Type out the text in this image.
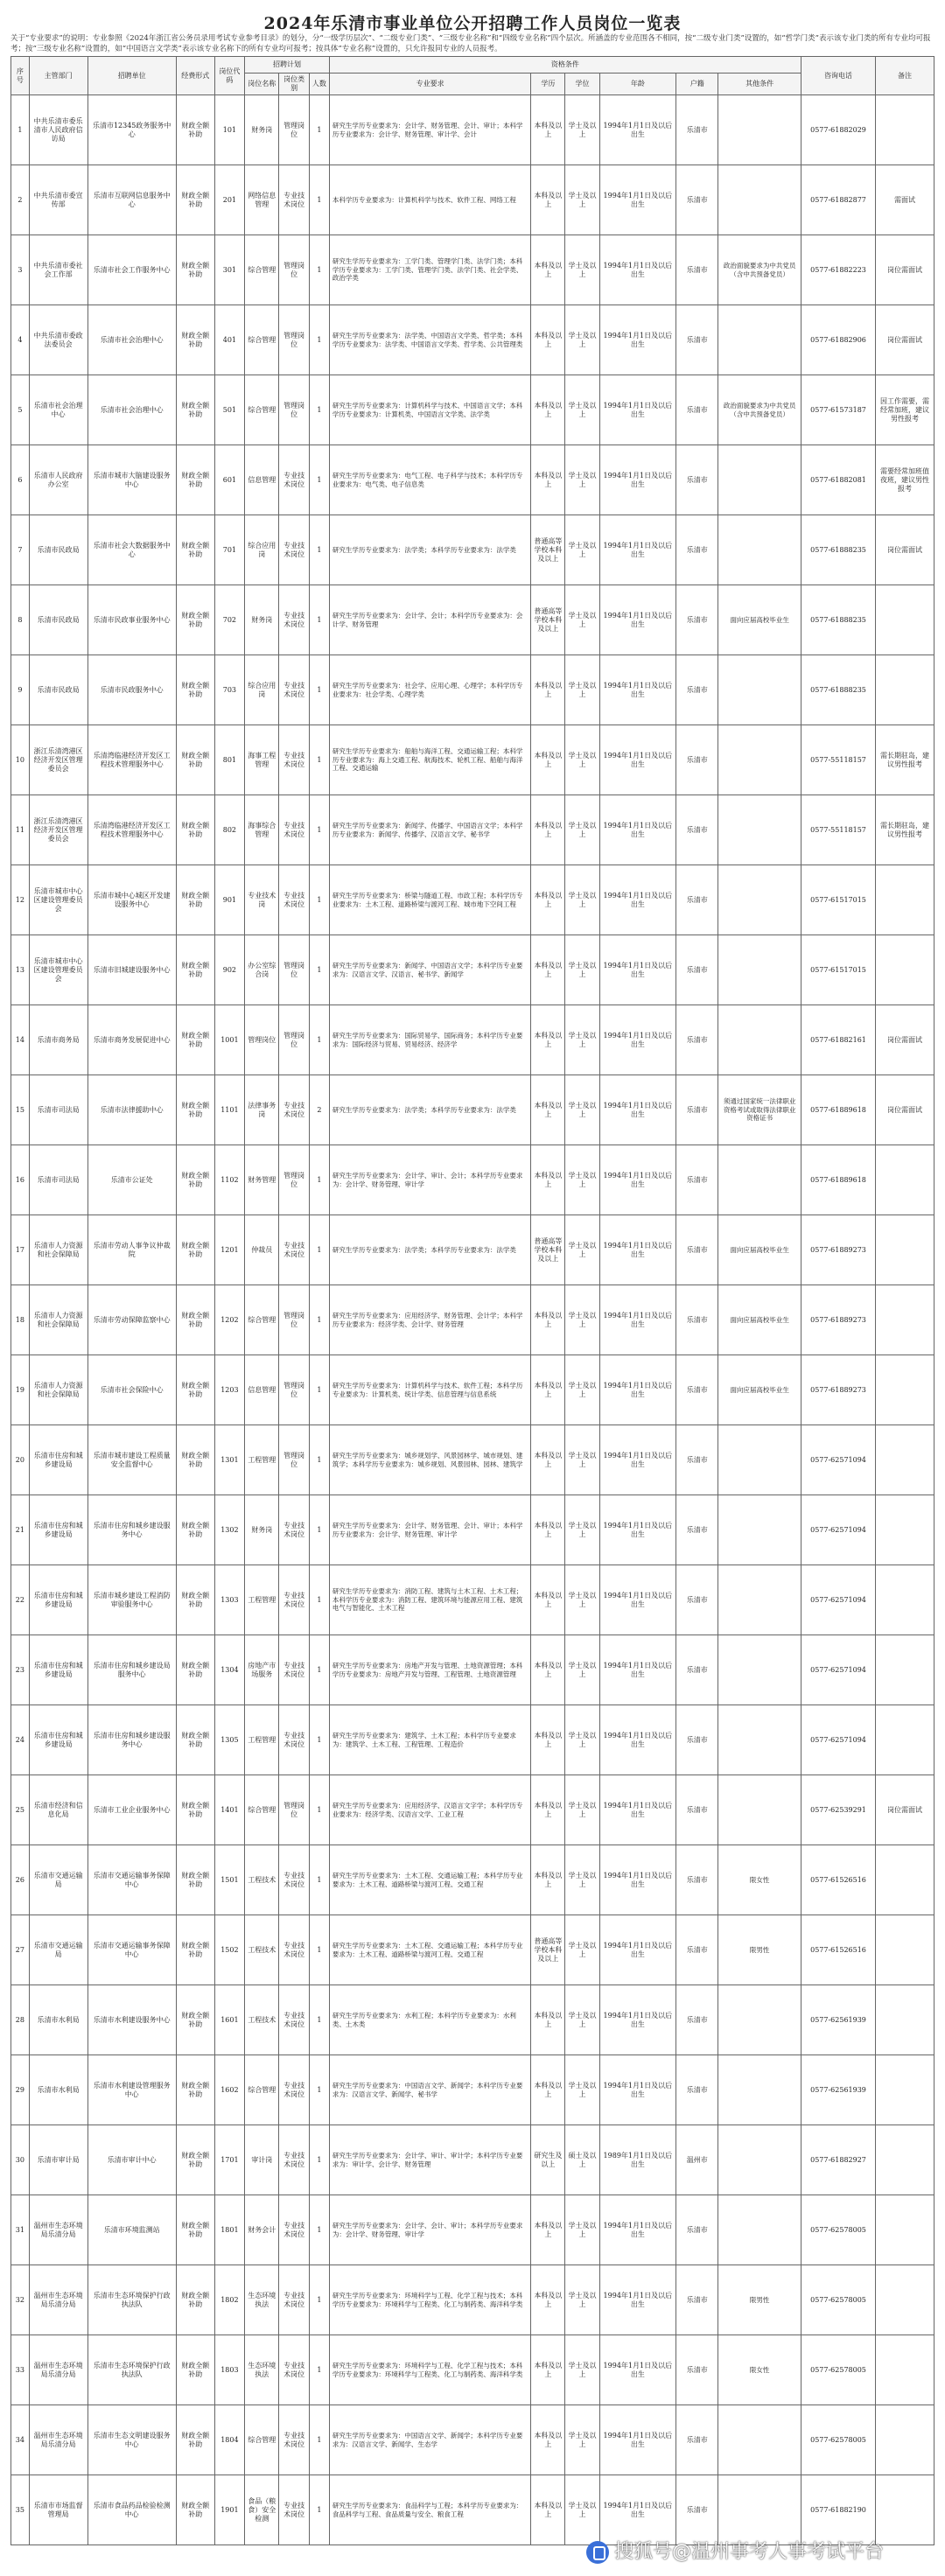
2024年乐清市事业单位公开招聘工作人员岗位一览表
关于“专业要求”的说明：专业参照《2024年浙江省公务员录用考试专业参考目录》的划分，分“一级学历层次”、“二级专业门类”、“三级专业名称”和“四级专业名称”四个层次。所涵盖的专业范围各不相同，按“二级专业门类”设置的，如“哲学门类”表示该专业门类的所有专业均可报考；按“三级专业名称”设置的，如“中国语言文学类”表示该专业名称下的所有专业均可报考；按具体“专业名称”设置的，只允许报同专业的人员报考。
序号	主管部门	招聘单位	经费形式	岗位代码	招聘计划			资格条件						咨询电话	备注
					岗位名称	岗位类别	人数	专业要求	学历	学位	年龄	户籍	其他条件		
1	中共乐清市委乐清市人民政府信访局	乐清市12345政务服务中心	财政全额补助	101	财务岗	管理岗位	1	研究生学历专业要求为：会计学、财务管理、会计、审计；本科学历专业要求为：会计学、财务管理、审计学、会计	本科及以上	学士及以上	1994年1月1日及以后出生	乐清市		0577-61882029	
2	中共乐清市委宣传部	乐清市互联网信息服务中心	财政全额补助	201	网络信息管理	专业技术岗位	1	本科学历专业要求为：计算机科学与技术、软件工程、网络工程	本科及以上	学士及以上	1994年1月1日及以后出生	乐清市		0577-61882877	需面试
3	中共乐清市委社会工作部	乐清市社会工作服务中心	财政全额补助	301	综合管理	管理岗位	1	研究生学历专业要求为：工学门类、管理学门类、法学门类；本科学历专业要求为：工学门类、管理学门类、法学门类、社会学类、政治学类	本科及以上	学士及以上	1994年1月1日及以后出生	乐清市	政治面貌要求为中共党员（含中共预备党员）	0577-61882223	岗位需面试
4	中共乐清市委政法委员会	乐清市社会治理中心	财政全额补助	401	综合管理	管理岗位	1	研究生学历专业要求为：法学类、中国语言文学类、哲学类；本科学历专业要求为：法学类、中国语言文学类、哲学类、公共管理类	本科及以上	学士及以上	1994年1月1日及以后出生	乐清市		0577-61882906	岗位需面试
5	乐清市社会治理中心	乐清市社会治理中心	财政全额补助	501	综合管理	管理岗位	1	研究生学历专业要求为：计算机科学与技术、中国语言文学；本科学历专业要求为：计算机类、中国语言文学类、法学类	本科及以上	学士及以上	1994年1月1日及以后出生	乐清市	政治面貌要求为中共党员（含中共预备党员）	0577-61573187	因工作需要，需经常加班，建议男性报考
6	乐清市人民政府办公室	乐清市城市大脑建设服务中心	财政全额补助	601	信息管理	专业技术岗位	1	研究生学历专业要求为：电气工程、电子科学与技术；本科学历专业要求为：电气类、电子信息类	本科及以上	学士及以上	1994年1月1日及以后出生	乐清市		0577-61882081	需要经常加班值夜班，建议男性报考
7	乐清市民政局	乐清市社会大数据服务中心	财政全额补助	701	综合应用岗	专业技术岗位	1	研究生学历专业要求为：法学类；本科学历专业要求为：法学类	普通高等学校本科及以上	学士及以上	1994年1月1日及以后出生	乐清市		0577-61888235	岗位需面试
8	乐清市民政局	乐清市民政事业服务中心	财政全额补助	702	财务岗	专业技术岗位	1	研究生学历专业要求为：会计学、会计；本科学历专业要求为：会计学、财务管理	普通高等学校本科及以上	学士及以上	1994年1月1日及以后出生	乐清市	面向应届高校毕业生	0577-61888235	
9	乐清市民政局	乐清市民政服务中心	财政全额补助	703	综合应用岗	专业技术岗位	1	研究生学历专业要求为：社会学、应用心理、心理学；本科学历专业要求为：社会学类、心理学类	本科及以上	学士及以上	1994年1月1日及以后出生	乐清市		0577-61888235	
10	浙江乐清湾港区经济开发区管理委员会	乐清湾临港经济开发区工程技术管理服务中心	财政全额补助	801	海事工程管理	专业技术岗位	1	研究生学历专业要求为：船舶与海洋工程、交通运输工程；本科学历专业要求为：海上交通工程、航海技术、轮机工程、船舶与海洋工程、交通运输	本科及以上	学士及以上	1994年1月1日及以后出生	乐清市		0577-55118157	需长期驻岛，建议男性报考
11	浙江乐清湾港区经济开发区管理委员会	乐清湾临港经济开发区工程技术管理服务中心	财政全额补助	802	海事综合管理	专业技术岗位	1	研究生学历专业要求为：新闻学、传播学、中国语言文学；本科学历专业要求为：新闻学、传播学、汉语言文学、秘书学	本科及以上	学士及以上	1994年1月1日及以后出生	乐清市		0577-55118157	需长期驻岛，建议男性报考
12	乐清市城市中心区建设管理委员会	乐清市城中心城区开发建设服务中心	财政全额补助	901	专业技术岗	专业技术岗位	1	研究生学历专业要求为：桥梁与隧道工程、市政工程；本科学历专业要求为：土木工程、道路桥梁与渡河工程、城市地下空间工程	本科及以上	学士及以上	1994年1月1日及以后出生	乐清市		0577-61517015	
13	乐清市城市中心区建设管理委员会	乐清市旧城建设服务中心	财政全额补助	902	办公室综合岗	管理岗位	1	研究生学历专业要求为：新闻学、中国语言文学；本科学历专业要求为：汉语言文学、汉语言、秘书学、新闻学	本科及以上	学士及以上	1994年1月1日及以后出生	乐清市		0577-61517015	
14	乐清市商务局	乐清市商务发展促进中心	财政全额补助	1001	管理岗位	管理岗位	1	研究生学历专业要求为：国际贸易学、国际商务；本科学历专业要求为：国际经济与贸易、贸易经济、经济学	本科及以上	学士及以上	1994年1月1日及以后出生	乐清市		0577-61882161	岗位需面试
15	乐清市司法局	乐清市法律援助中心	财政全额补助	1101	法律事务岗	专业技术岗位	2	研究生学历专业要求为：法学类；本科学历专业要求为：法学类	本科及以上	学士及以上	1994年1月1日及以后出生	乐清市	须通过国家统一法律职业资格考试或取得法律职业资格证书	0577-61889618	岗位需面试
16	乐清市司法局	乐清市公证处	财政全额补助	1102	财务管理	管理岗位	1	研究生学历专业要求为：会计学、审计、会计；本科学历专业要求为：会计学、财务管理、审计学	本科及以上	学士及以上	1994年1月1日及以后出生	乐清市		0577-61889618	
17	乐清市人力资源和社会保障局	乐清市劳动人事争议仲裁院	财政全额补助	1201	仲裁员	专业技术岗位	1	研究生学历专业要求为：法学类；本科学历专业要求为：法学类	普通高等学校本科及以上	学士及以上	1994年1月1日及以后出生	乐清市	面向应届高校毕业生	0577-61889273	
18	乐清市人力资源和社会保障局	乐清市劳动保障监察中心	财政全额补助	1202	综合管理	管理岗位	1	研究生学历专业要求为：应用经济学、财务管理、会计学；本科学历专业要求为：经济学类、会计学、财务管理	本科及以上	学士及以上	1994年1月1日及以后出生	乐清市	面向应届高校毕业生	0577-61889273	
19	乐清市人力资源和社会保障局	乐清市社会保险中心	财政全额补助	1203	信息管理	管理岗位	1	研究生学历专业要求为：计算机科学与技术、软件工程；本科学历专业要求为：计算机类、统计学类、信息管理与信息系统	本科及以上	学士及以上	1994年1月1日及以后出生	乐清市	面向应届高校毕业生	0577-61889273	
20	乐清市住房和城乡建设局	乐清市城市建设工程质量安全监督中心	财政全额补助	1301	工程管理	管理岗位	1	研究生学历专业要求为：城乡规划学、风景园林学、城市规划、建筑学；本科学历专业要求为：城乡规划、风景园林、园林、建筑学	本科及以上	学士及以上	1994年1月1日及以后出生	乐清市		0577-62571094	
21	乐清市住房和城乡建设局	乐清市住房和城乡建设服务中心	财政全额补助	1302	财务岗	专业技术岗位	1	研究生学历专业要求为：会计学、财务管理、会计、审计；本科学历专业要求为：会计学、财务管理、审计学	本科及以上	学士及以上	1994年1月1日及以后出生	乐清市		0577-62571094	
22	乐清市住房和城乡建设局	乐清市城乡建设工程消防审验服务中心	财政全额补助	1303	工程管理	专业技术岗位	1	研究生学历专业要求为：消防工程、建筑与土木工程、土木工程；本科学历专业要求为：消防工程、建筑环境与能源应用工程、建筑电气与智能化、土木工程	本科及以上	学士及以上	1994年1月1日及以后出生	乐清市		0577-62571094	
23	乐清市住房和城乡建设局	乐清市住房和城乡建设局服务中心	财政全额补助	1304	房地产市场服务	专业技术岗位	1	研究生学历专业要求为：房地产开发与管理、土地资源管理；本科学历专业要求为：房地产开发与管理、工程管理、土地资源管理	本科及以上	学士及以上	1994年1月1日及以后出生	乐清市		0577-62571094	
24	乐清市住房和城乡建设局	乐清市住房和城乡建设服务中心	财政全额补助	1305	工程管理	专业技术岗位	1	研究生学历专业要求为：建筑学、土木工程；本科学历专业要求为：建筑学、土木工程、工程管理、工程造价	本科及以上	学士及以上	1994年1月1日及以后出生	乐清市		0577-62571094	
25	乐清市经济和信息化局	乐清市工业企业服务中心	财政全额补助	1401	综合管理	管理岗位	1	研究生学历专业要求为：应用经济学、汉语言文字学；本科学历专业要求为：经济学类、汉语言文学、工业工程	本科及以上	学士及以上	1994年1月1日及以后出生	乐清市		0577-62539291	岗位需面试
26	乐清市交通运输局	乐清市交通运输事务保障中心	财政全额补助	1501	工程技术	专业技术岗位	1	研究生学历专业要求为：土木工程、交通运输工程；本科学历专业要求为：土木工程、道路桥梁与渡河工程、交通工程	本科及以上	学士及以上	1994年1月1日及以后出生	乐清市	限女性	0577-61526516	
27	乐清市交通运输局	乐清市交通运输事务保障中心	财政全额补助	1502	工程技术	专业技术岗位	1	研究生学历专业要求为：土木工程、交通运输工程；本科学历专业要求为：土木工程、道路桥梁与渡河工程、交通工程	普通高等学校本科及以上	学士及以上	1994年1月1日及以后出生	乐清市	限男性	0577-61526516	
28	乐清市水利局	乐清市水利建设服务中心	财政全额补助	1601	工程技术	专业技术岗位	1	研究生学历专业要求为：水利工程；本科学历专业要求为：水利类、土木类	本科及以上	学士及以上	1994年1月1日及以后出生	乐清市		0577-62561939	
29	乐清市水利局	乐清市水利建设管理服务中心	财政全额补助	1602	综合管理	专业技术岗位	1	研究生学历专业要求为：中国语言文学、新闻学；本科学历专业要求为：汉语言文学、新闻学、秘书学	本科及以上	学士及以上	1994年1月1日及以后出生	乐清市		0577-62561939	
30	乐清市审计局	乐清市审计中心	财政全额补助	1701	审计岗	专业技术岗位	1	研究生学历专业要求为：会计学、审计、审计学；本科学历专业要求为：审计学、会计学、财务管理	研究生及以上	硕士及以上	1989年1月1日及以后出生	温州市		0577-61882927	
31	温州市生态环境局乐清分局	乐清市环境监测站	财政全额补助	1801	财务会计	专业技术岗位	1	研究生学历专业要求为：会计学、会计、审计；本科学历专业要求为：会计学、财务管理、审计学	本科及以上	学士及以上	1994年1月1日及以后出生	乐清市		0577-62578005	
32	温州市生态环境局乐清分局	乐清市生态环境保护行政执法队	财政全额补助	1802	生态环境执法	专业技术岗位	1	研究生学历专业要求为：环境科学与工程、化学工程与技术；本科学历专业要求为：环境科学与工程类、化工与制药类、海洋科学类	本科及以上	学士及以上	1994年1月1日及以后出生	乐清市	限男性	0577-62578005	
33	温州市生态环境局乐清分局	乐清市生态环境保护行政执法队	财政全额补助	1803	生态环境执法	专业技术岗位	1	研究生学历专业要求为：环境科学与工程、化学工程与技术；本科学历专业要求为：环境科学与工程类、化工与制药类、海洋科学类	本科及以上	学士及以上	1994年1月1日及以后出生	乐清市	限女性	0577-62578005	
34	温州市生态环境局乐清分局	乐清市生态文明建设服务中心	财政全额补助	1804	综合管理	专业技术岗位	1	研究生学历专业要求为：中国语言文学、新闻学；本科学历专业要求为：汉语言文学、新闻学、生态学	本科及以上	学士及以上	1994年1月1日及以后出生	乐清市		0577-62578005	
35	乐清市市场监督管理局	乐清市食品药品检验检测中心	财政全额补助	1901	食品（粮食）安全检测	专业技术岗位	1	研究生学历专业要求为：食品科学与工程；本科学历专业要求为：食品科学与工程、食品质量与安全、粮食工程	本科及以上	学士及以上	1994年1月1日及以后出生	乐清市		0577-61882190	
搜狐号@温州事考人事考试平台
